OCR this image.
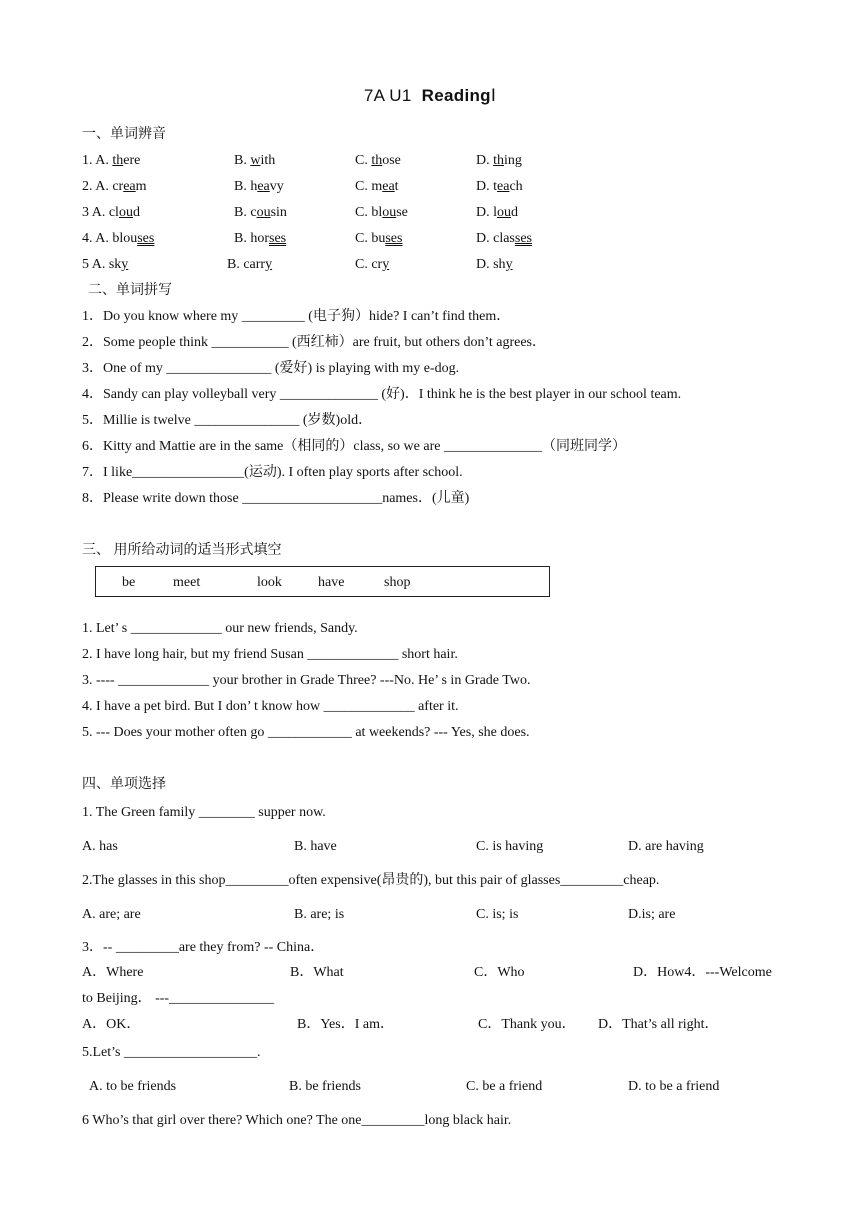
7A U1 ReadingⅠ
一、单词辨音
1. A. there	B. with	C. those	D. thing
2. A. cream	B. heavy	C. meat	D. teach
3 A. cloud	B. cousin	C. blouse	D. loud
4. A. blouses	B. horses	C. buses	D. classes
5 A. sky	B. carry	C. cry	D. shy
二、单词拼写
1．Do you know where my _________ (电子狗）hide? I can’t find them．
2．Some people think ___________ (西红柿）are fruit, but others don’t agrees．
3．One of my _______________ (爱好) is playing with my e-dog.
4．Sandy can play volleyball very ______________ (好)．I think he is the best player in our school team.
5．Millie is twelve _______________ (岁数)old．
6．Kitty and Mattie are in the same（相同的）class, so we are ______________（同班同学）
7．I like________________(运动). I often play sports after school.
8．Please write down those ____________________names．(儿童)
三、 用所给动词的适当形式填空
be	meet	look	have	shop
1. Let’ s _____________ our new friends, Sandy.
2. I have long hair, but my friend Susan _____________ short hair.
3. ---- _____________ your brother in Grade Three? ---No. He’ s in Grade Two.
4. I have a pet bird. But I don’ t know how _____________ after it.
5. --- Does your mother often go ____________ at weekends? --- Yes, she does.
四、单项选择
1. The Green family ________ supper now.
A. has	B. have	C. is having	D. are having
2.The glasses in this shop_________often expensive(昂贵的), but this pair of glasses_________cheap.
A. are; are	B. are; is	C. is; is	D.is; are
3．-- _________are they from? -- China．
A．Where	B．What	C．Who	D．How4．---Welcome
to Beijing． ---_______________
A．OK．	B．Yes．I am．	C．Thank you． D．That’s all right．
5.Let’s ___________________.
A. to be friends	B. be friends	C. be a friend	D. to be a friend
6 Who’s that girl over there? Which one? The one_________long black hair.
